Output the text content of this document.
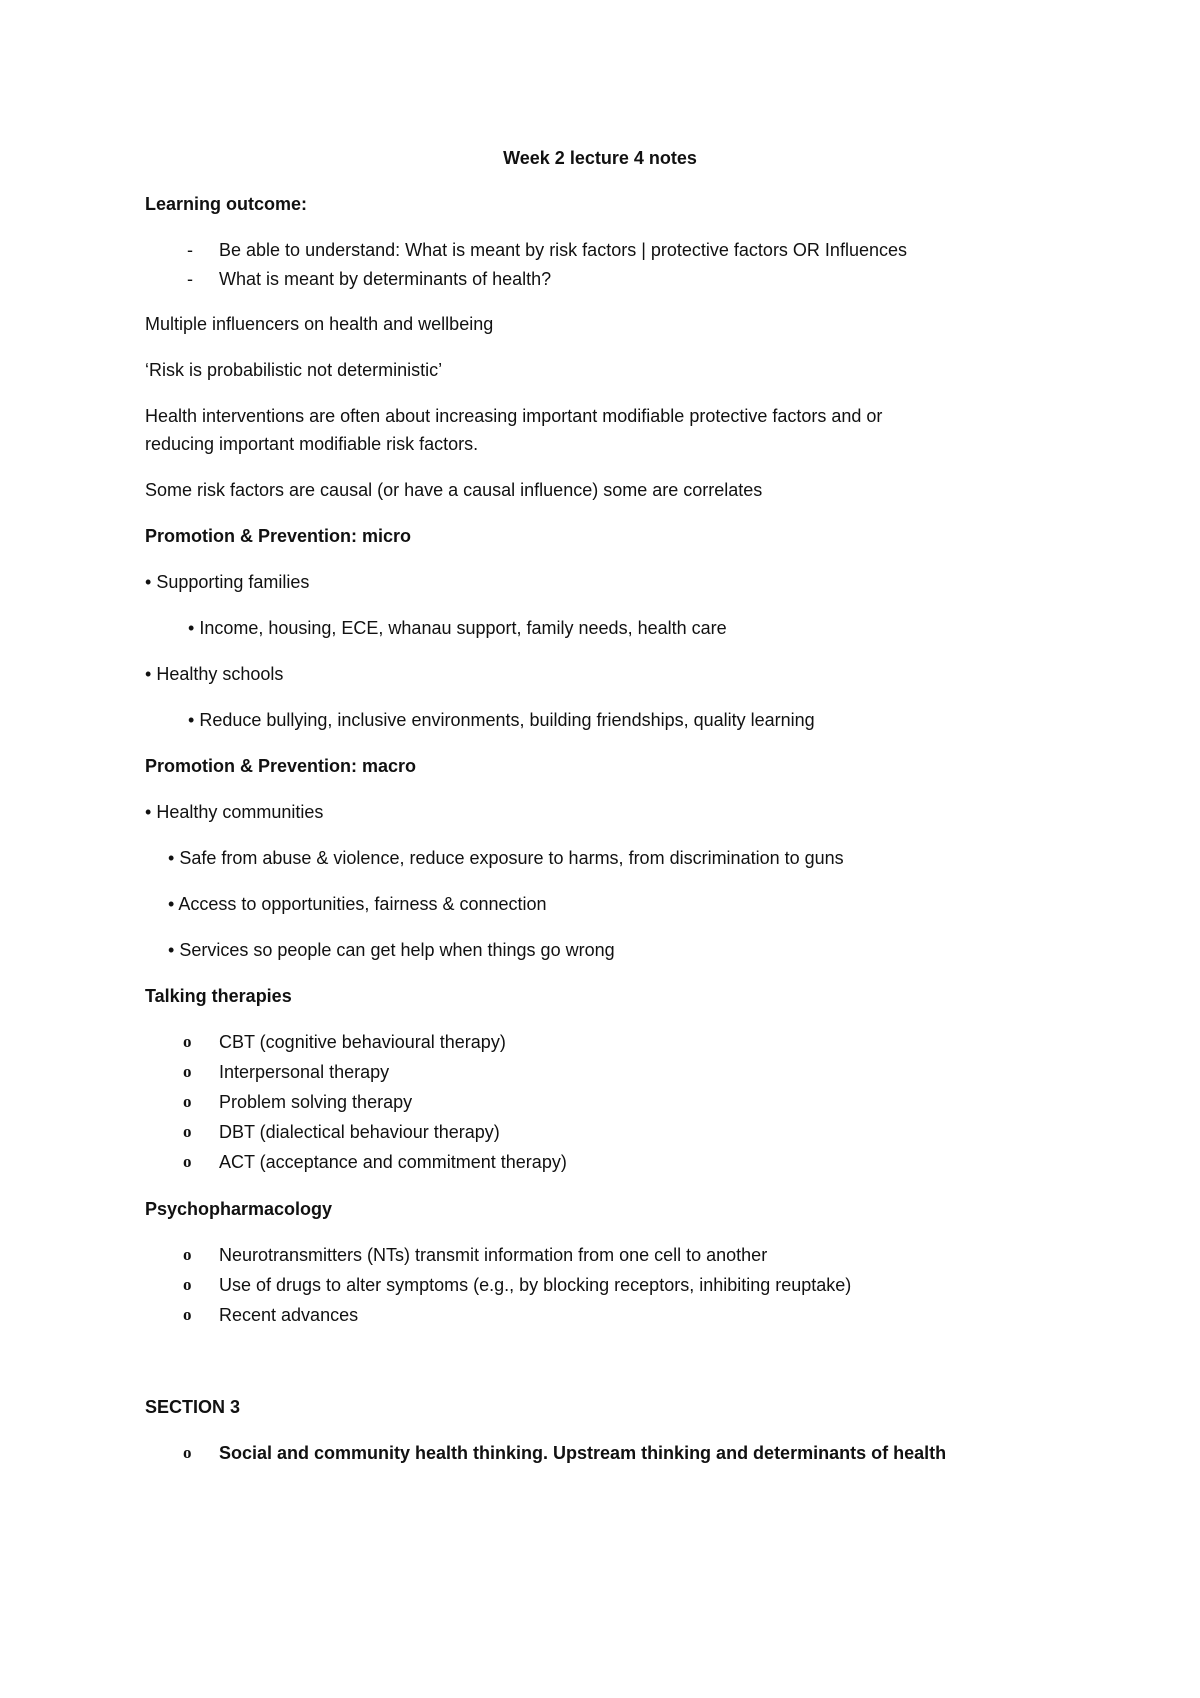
Week 2 lecture 4 notes
Learning outcome:
- Be able to understand: What is meant by risk factors | protective factors OR Influences
- What is meant by determinants of health?
Multiple influencers on health and wellbeing
‘Risk is probabilistic not deterministic’
Health interventions are often about increasing important modifiable protective factors and or
reducing important modifiable risk factors.
Some risk factors are causal (or have a causal influence) some are correlates
Promotion & Prevention: micro
• Supporting families
• Income, housing, ECE, whanau support, family needs, health care
• Healthy schools
• Reduce bullying, inclusive environments, building friendships, quality learning
Promotion & Prevention: macro
• Healthy communities
• Safe from abuse & violence, reduce exposure to harms, from discrimination to guns
• Access to opportunities, fairness & connection
• Services so people can get help when things go wrong
Talking therapies
o CBT (cognitive behavioural therapy)
o Interpersonal therapy
o Problem solving therapy
o DBT (dialectical behaviour therapy)
o ACT (acceptance and commitment therapy)
Psychopharmacology
o Neurotransmitters (NTs) transmit information from one cell to another
o Use of drugs to alter symptoms (e.g., by blocking receptors, inhibiting reuptake)
o Recent advances
SECTION 3
o Social and community health thinking. Upstream thinking and determinants of health
